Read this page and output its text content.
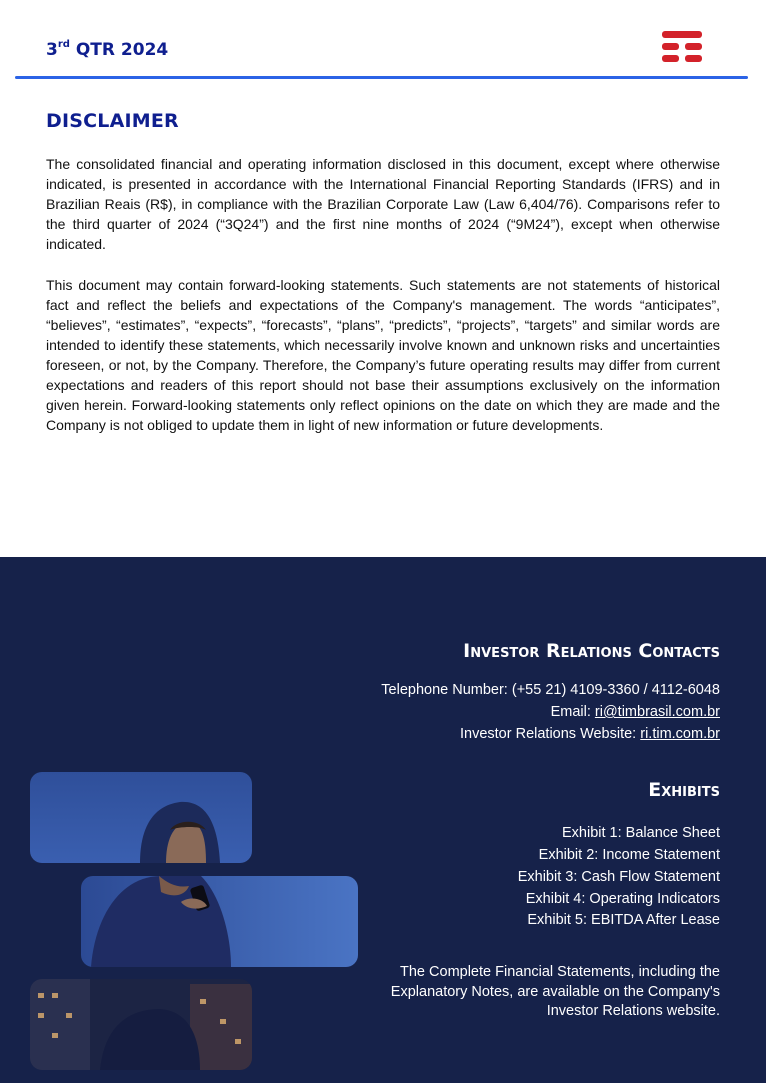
3rd QTR 2024
DISCLAIMER

The consolidated financial and operating information disclosed in this document, except where otherwise indicated, is presented in accordance with the International Financial Reporting Standards (IFRS) and in Brazilian Reais (R$), in compliance with the Brazilian Corporate Law (Law 6,404/76). Comparisons refer to the third quarter of 2024 (“3Q24”) and the first nine months of 2024 (“9M24”), except when otherwise indicated.

This document may contain forward-looking statements. Such statements are not statements of historical fact and reflect the beliefs and expectations of the Company's management. The words “anticipates”, “believes”, “estimates”, “expects”, “forecasts”, “plans”, “predicts”, “projects”, “targets” and similar words are intended to identify these statements, which necessarily involve known and unknown risks and uncertainties foreseen, or not, by the Company. Therefore, the Company’s future operating results may differ from current expectations and readers of this report should not base their assumptions exclusively on the information given herein. Forward-looking statements only reflect opinions on the date on which they are made and the Company is not obliged to update them in light of new information or future developments.

Investor Relations Contacts
Telephone Number: (+55 21) 4109-3360 / 4112-6048
Email: ri@timbrasil.com.br
Investor Relations Website: ri.tim.com.br
Exhibits
Exhibit 1: Balance Sheet
Exhibit 2: Income Statement
Exhibit 3: Cash Flow Statement
Exhibit 4: Operating Indicators
Exhibit 5: EBITDA After Lease
The Complete Financial Statements, including the Explanatory Notes, are available on the Company's Investor Relations website.
